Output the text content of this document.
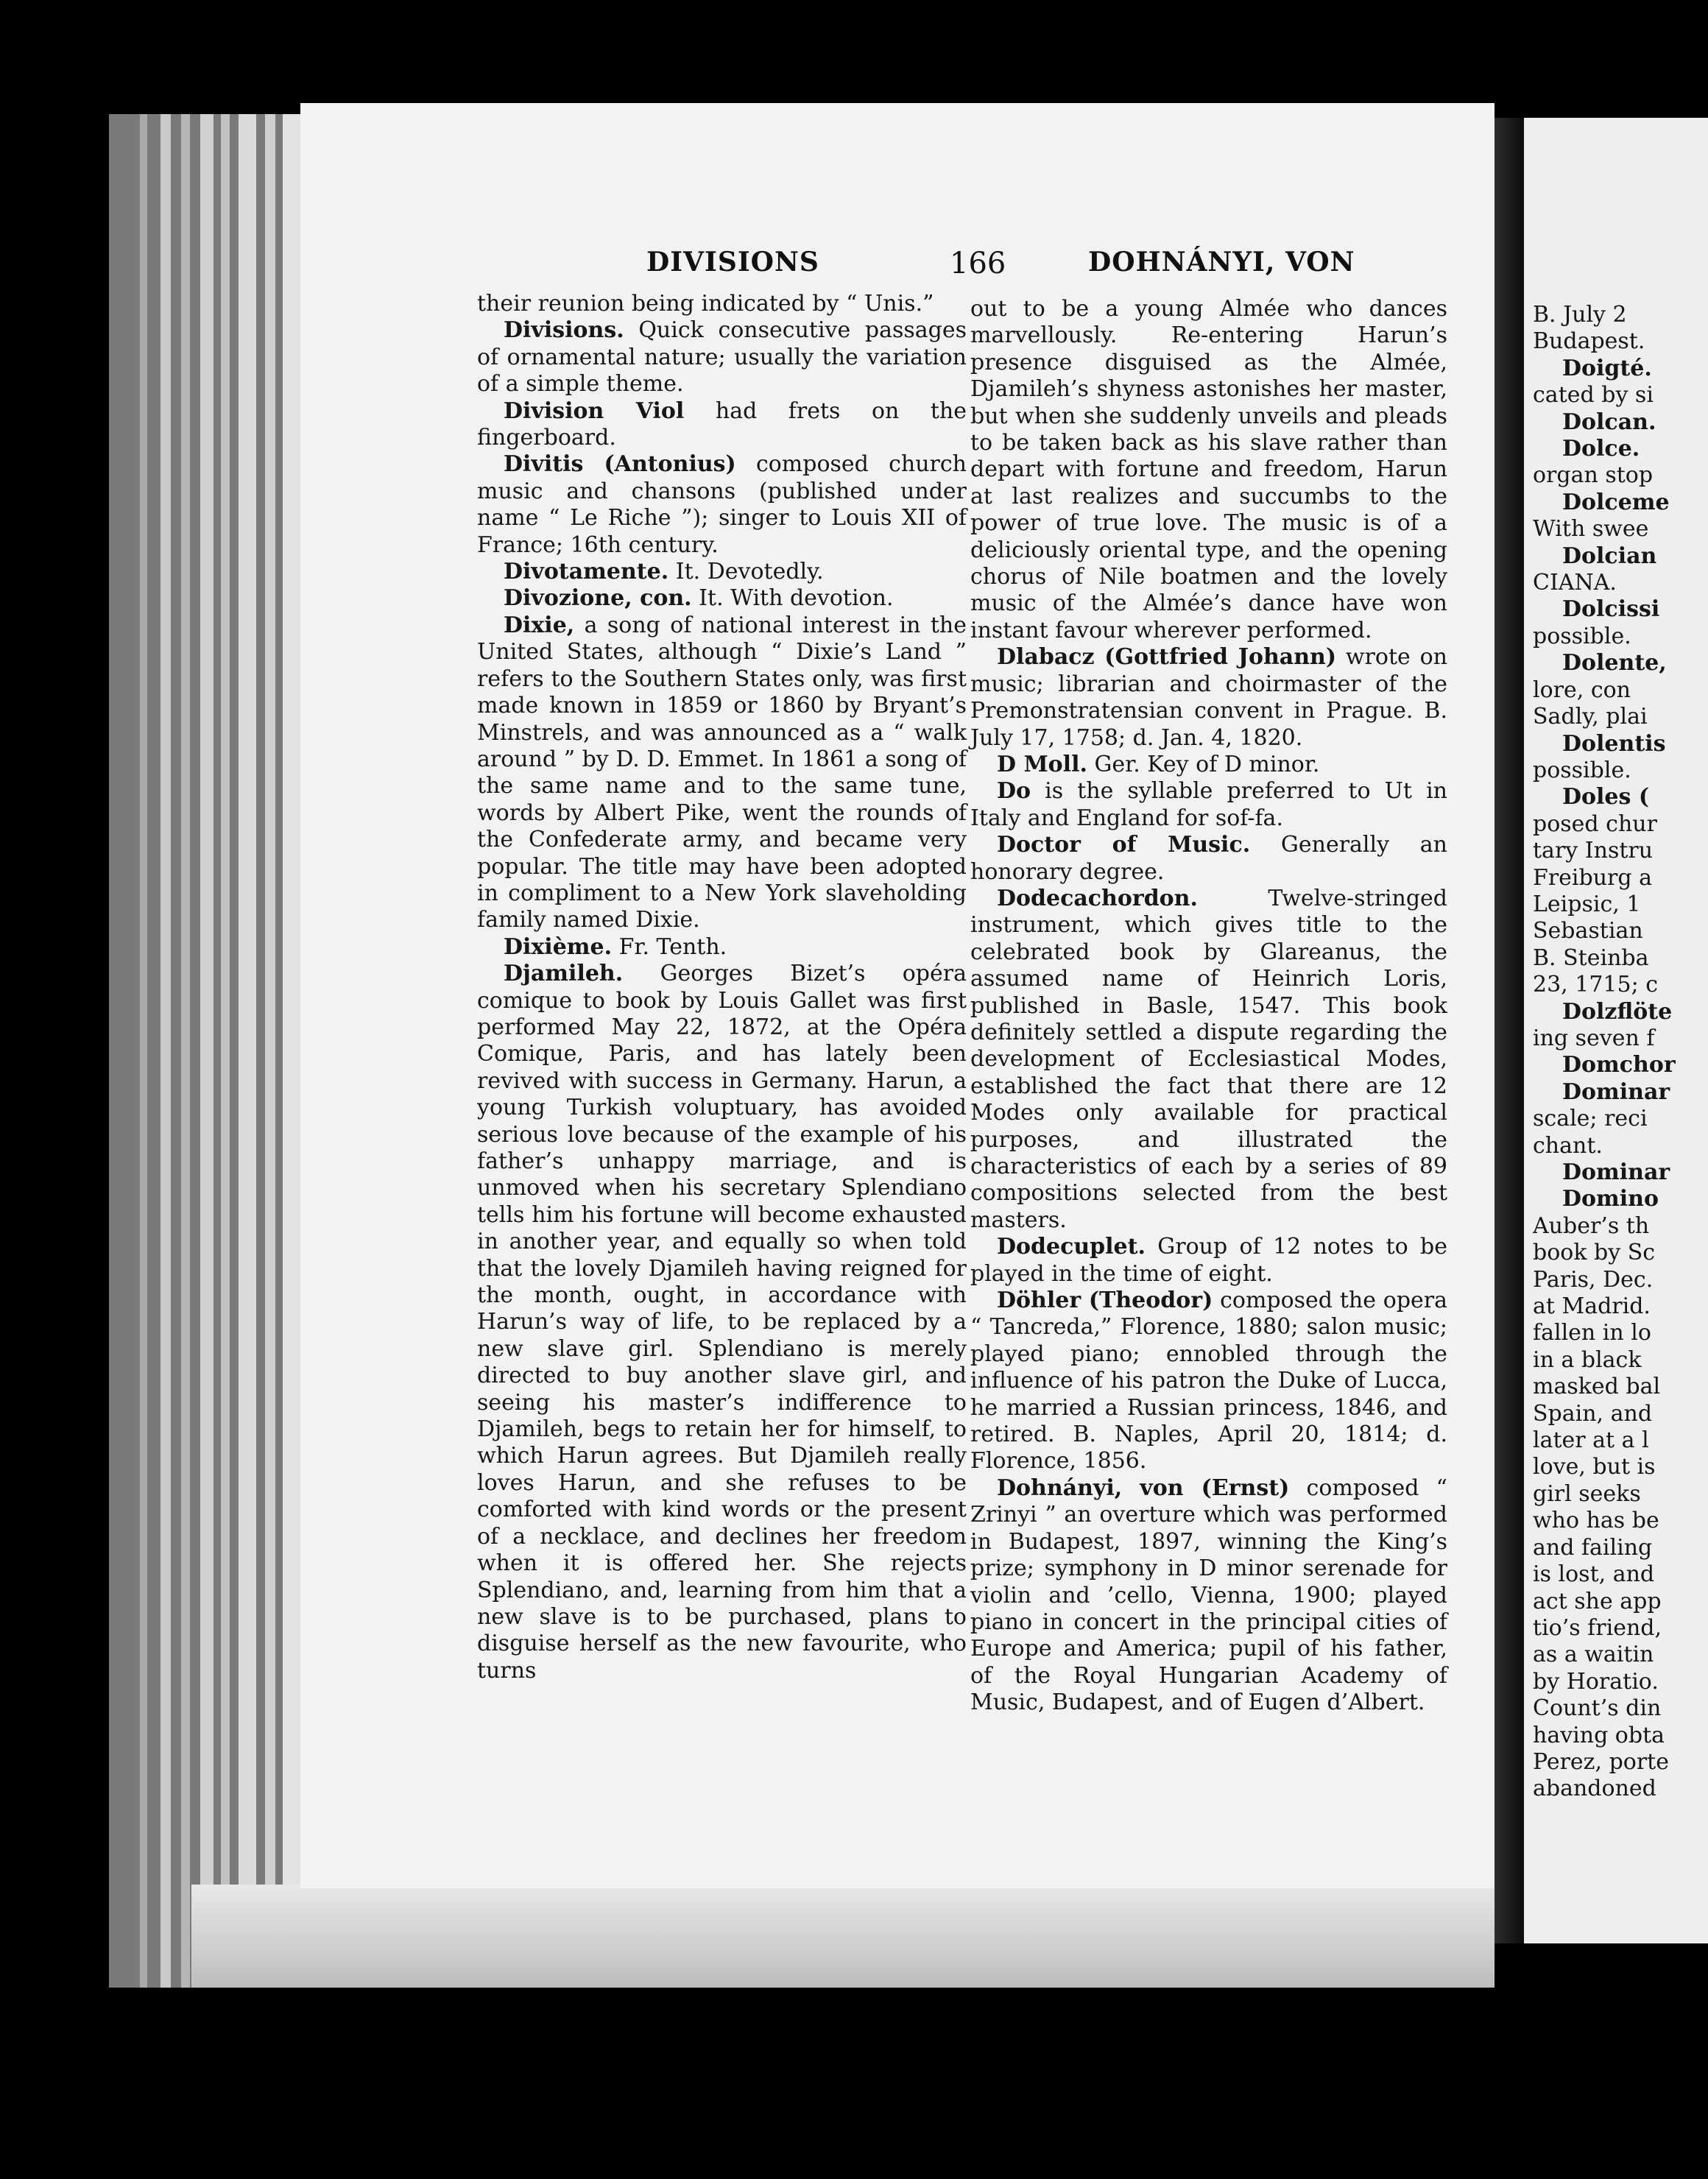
DIVISIONS	166	DOHNÁNYI, VON

their reunion being indicated by “ Unis.”

Divisions. Quick consecutive passages of ornamental nature; usually the variation of a simple theme.

Division Viol had frets on the fingerboard.

Divitis (Antonius) composed church music and chansons (published under name “ Le Riche ”); singer to Louis XII of France; 16th century.

Divotamente. It. Devotedly.

Divozione, con. It. With devotion.

Dixie, a song of national interest in the United States, although “ Dixie’s Land ” refers to the Southern States only, was first made known in 1859 or 1860 by Bryant’s Minstrels, and was announced as a “ walk around ” by D. D. Emmet. In 1861 a song of the same name and to the same tune, words by Albert Pike, went the rounds of the Confederate army, and became very popular. The title may have been adopted in compliment to a New York slaveholding family named Dixie.

Dixième. Fr. Tenth.

Djamileh. Georges Bizet’s opéra comique to book by Louis Gallet was first performed May 22, 1872, at the Opéra Comique, Paris, and has lately been revived with success in Germany. Harun, a young Turkish voluptuary, has avoided serious love because of the example of his father’s unhappy marriage, and is unmoved when his secretary Splendiano tells him his fortune will become exhausted in another year, and equally so when told that the lovely Djamileh having reigned for the month, ought, in accordance with Harun’s way of life, to be replaced by a new slave girl. Splendiano is merely directed to buy another slave girl, and seeing his master’s indifference to Djamileh, begs to retain her for himself, to which Harun agrees. But Djamileh really loves Harun, and she refuses to be comforted with kind words or the present of a necklace, and declines her freedom when it is offered her. She rejects Splendiano, and, learning from him that a new slave is to be purchased, plans to disguise herself as the new favourite, who turns

out to be a young Almée who dances marvellously. Re-entering Harun’s presence disguised as the Almée, Djamileh’s shyness astonishes her master, but when she suddenly unveils and pleads to be taken back as his slave rather than depart with fortune and freedom, Harun at last realizes and succumbs to the power of true love. The music is of a deliciously oriental type, and the opening chorus of Nile boatmen and the lovely music of the Almée’s dance have won instant favour wherever performed.

Dlabacz (Gottfried Johann) wrote on music; librarian and choirmaster of the Premonstratensian convent in Prague. B. July 17, 1758; d. Jan. 4, 1820.

D Moll. Ger. Key of D minor.

Do is the syllable preferred to Ut in Italy and England for sof-fa.

Doctor of Music. Generally an honorary degree.

Dodecachordon. Twelve-stringed instrument, which gives title to the celebrated book by Glareanus, the assumed name of Heinrich Loris, published in Basle, 1547. This book definitely settled a dispute regarding the development of Ecclesiastical Modes, established the fact that there are 12 Modes only available for practical purposes, and illustrated the characteristics of each by a series of 89 compositions selected from the best masters.

Dodecuplet. Group of 12 notes to be played in the time of eight.

Döhler (Theodor) composed the opera “ Tancreda,” Florence, 1880; salon music; played piano; ennobled through the influence of his patron the Duke of Lucca, he married a Russian princess, 1846, and retired. B. Naples, April 20, 1814; d. Florence, 1856.

Dohnányi, von (Ernst) composed “ Zrinyi ” an overture which was performed in Budapest, 1897, winning the King’s prize; symphony in D minor serenade for violin and ’cello, Vienna, 1900; played piano in concert in the principal cities of Europe and America; pupil of his father, of the Royal Hungarian Academy of Music, Budapest, and of Eugen d’Albert.

B. July 2
Budapest.
Doigté.
cated by si
Dolcan.
Dolce.
organ stop
Dolceme
With swee
Dolcian
CIANA.
Dolcissi
possible.
Dolente,
lore, con
Sadly, plai
Dolentis
possible.
Doles (
posed chur
tary Instru
Freiburg a
Leipsic, 1
Sebastian
B. Steinba
23, 1715; c
Dolzflöte
ing seven f
Domchor
Dominar
scale; reci
chant.
Dominar
Domino
Auber’s th
book by Sc
Paris, Dec.
at Madrid.
fallen in lo
in a black
masked bal
Spain, and
later at a l
love, but is
girl seeks
who has be
and failing
is lost, and
act she app
tio’s friend,
as a waitin
by Horatio.
Count’s din
having obta
Perez, porte
abandoned
